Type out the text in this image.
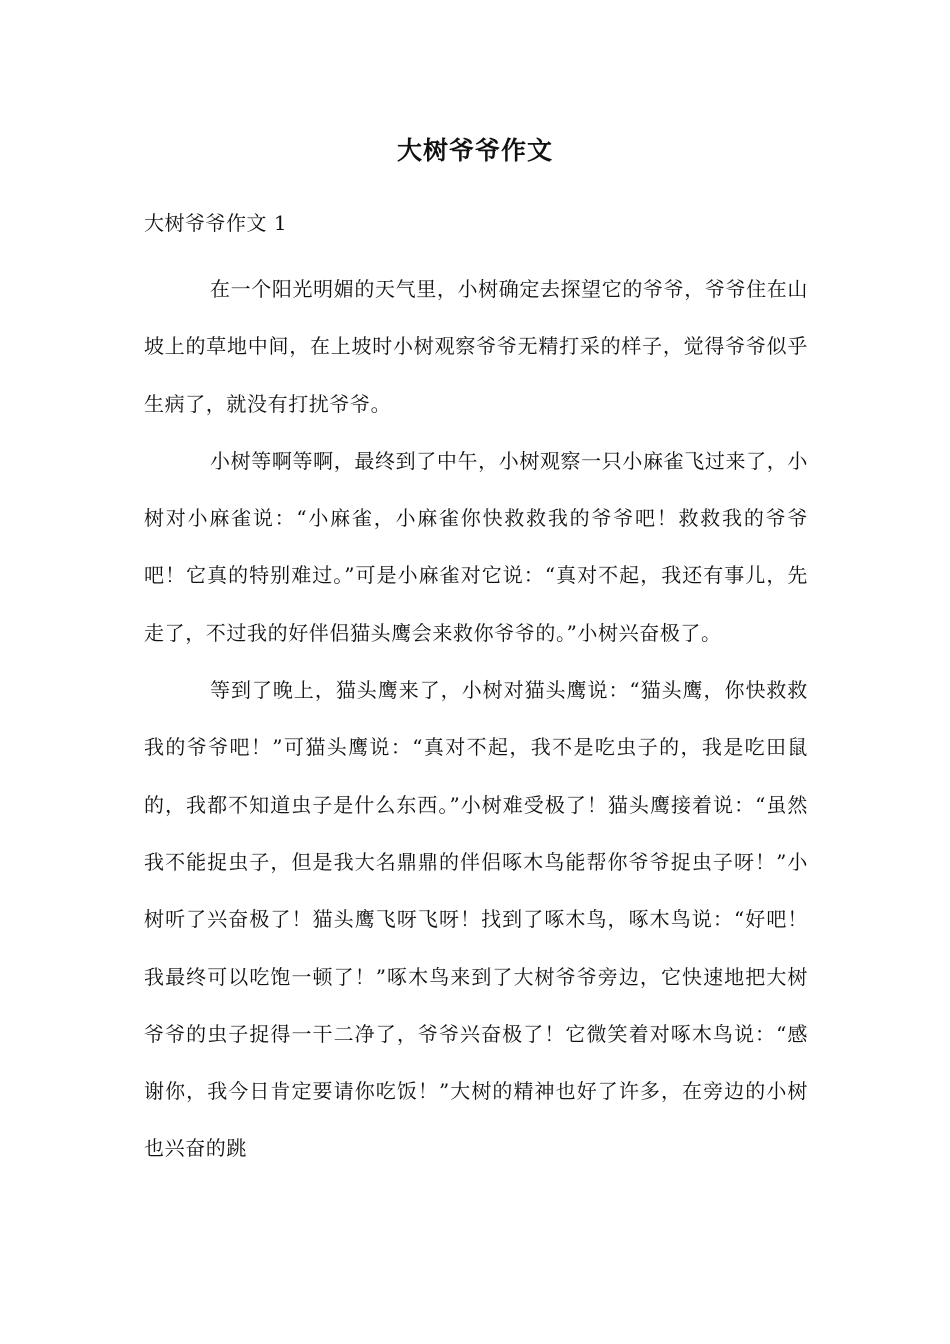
大树爷爷作文
大树爷爷作文 1

在一个阳光明媚的天气里，小树确定去探望它的爷爷，爷爷住在山坡上的草地中间，在上坡时小树观察爷爷无精打采的样子，觉得爷爷似乎生病了，就没有打扰爷爷。

小树等啊等啊，最终到了中午，小树观察一只小麻雀飞过来了，小树对小麻雀说：“小麻雀，小麻雀你快救救我的爷爷吧！救救我的爷爷吧！它真的特别难过。”可是小麻雀对它说：“真对不起，我还有事儿，先走了，不过我的好伴侣猫头鹰会来救你爷爷的。”小树兴奋极了。

等到了晚上，猫头鹰来了，小树对猫头鹰说：“猫头鹰，你快救救我的爷爷吧！”可猫头鹰说：“真对不起，我不是吃虫子的，我是吃田鼠的，我都不知道虫子是什么东西。”小树难受极了！猫头鹰接着说：“虽然我不能捉虫子，但是我大名鼎鼎的伴侣啄木鸟能帮你爷爷捉虫子呀！”小树听了兴奋极了！猫头鹰飞呀飞呀！找到了啄木鸟，啄木鸟说：“好吧！我最终可以吃饱一顿了！”啄木鸟来到了大树爷爷旁边，它快速地把大树爷爷的虫子捉得一干二净了，爷爷兴奋极了！它微笑着对啄木鸟说：“感谢你，我今日肯定要请你吃饭！”大树的精神也好了许多，在旁边的小树也兴奋的跳
